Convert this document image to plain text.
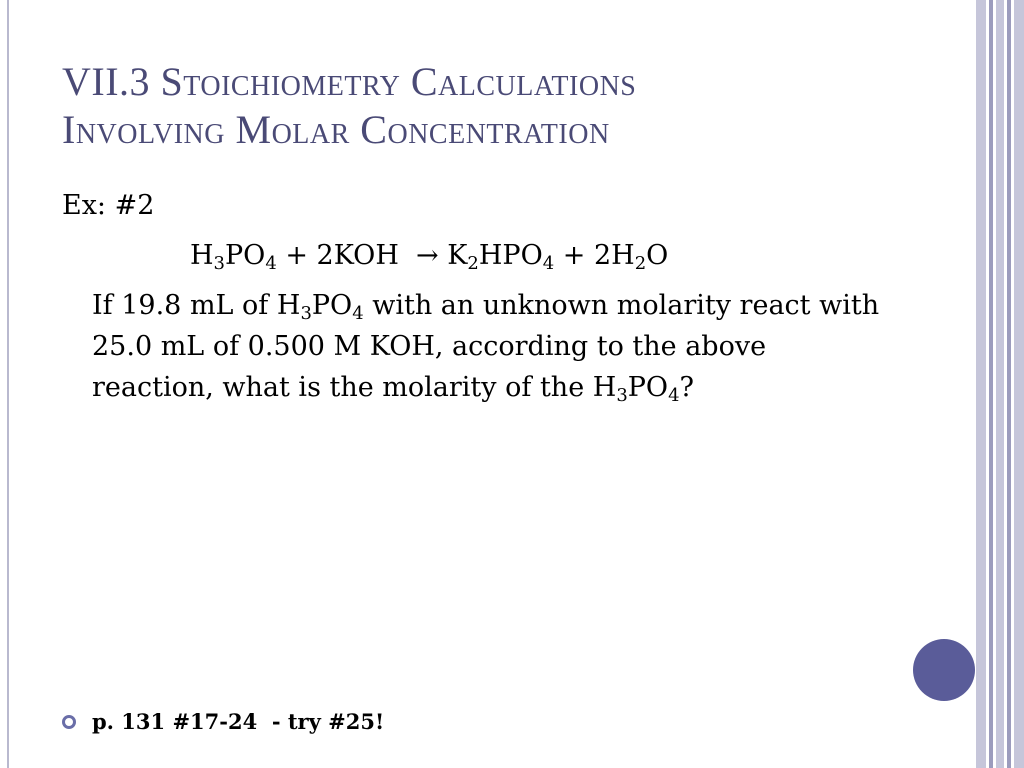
VII.3 Stoichiometry Calculations
Involving Molar Concentration
Ex: #2
$H_3PO_4 + 2KOH \to K_2HPO_4 + 2H_2O$
If 19.8 mL of $H_3PO_4$ with an unknown molarity react with 25.0 mL of 0.500 M KOH, according to the above reaction, what is the molarity of the $H_3PO_4$?
p. 131 #17-24  - try #25!
